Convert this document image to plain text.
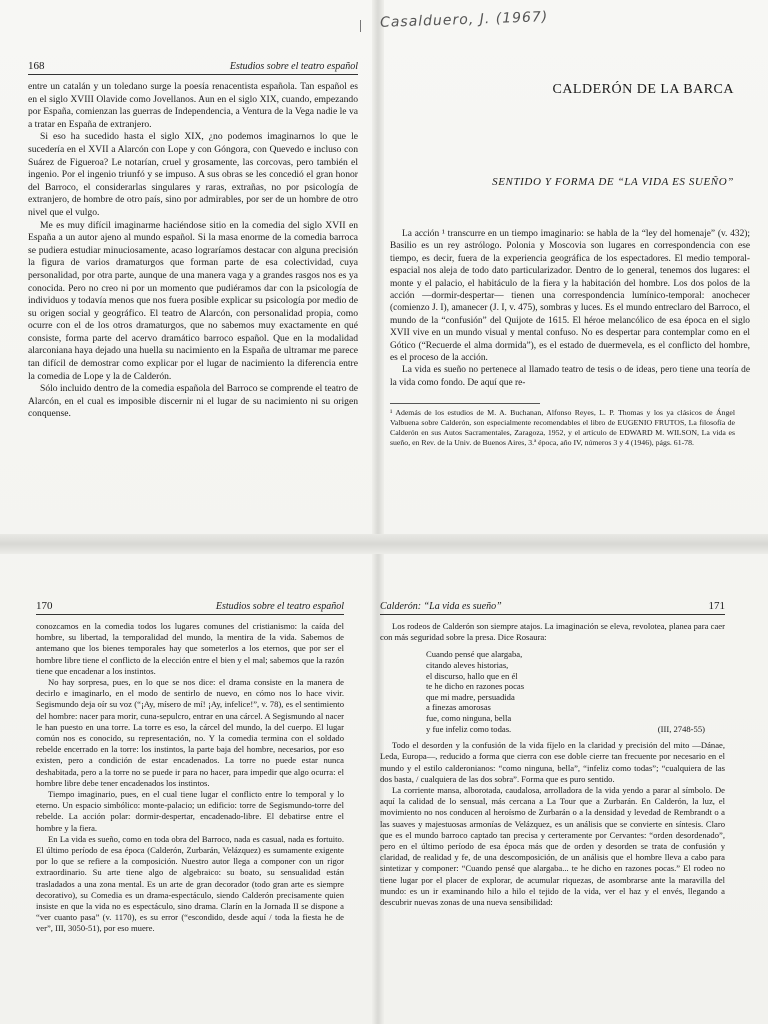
Casalduero, J. (1967)
168	Estudios sobre el teatro español

entre un catalán y un toledano surge la poesía renacentista española. Tan español es en el siglo XVIII Olavide como Jovellanos. Aun en el siglo XIX, cuando, empezando por España, comienzan las guerras de Independencia, a Ventura de la Vega nadie le va a tratar en España de extranjero.

Si eso ha sucedido hasta el siglo XIX, ¿no podemos imaginarnos lo que le sucedería en el XVII a Alarcón con Lope y con Góngora, con Quevedo e incluso con Suárez de Figueroa? Le notarían, cruel y grosamente, las corcovas, pero también el ingenio. Por el ingenio triunfó y se impuso. A sus obras se les concedió el gran honor del Barroco, el considerarlas singulares y raras, extrañas, no por psicología de extranjero, de hombre de otro país, sino por admirables, por ser de un hombre de otro nivel que el vulgo.

Me es muy difícil imaginarme haciéndose sitio en la comedia del siglo XVII en España a un autor ajeno al mundo español. Si la masa enorme de la comedia barroca se pudiera estudiar minuciosamente, acaso lograríamos destacar con alguna precisión la figura de varios dramaturgos que forman parte de esa colectividad, cuya personalidad, por otra parte, aunque de una manera vaga y a grandes rasgos nos es ya conocida. Pero no creo ni por un momento que pudiéramos dar con la psicología de individuos y todavía menos que nos fuera posible explicar su psicología por medio de su origen social y geográfico. El teatro de Alarcón, con personalidad propia, como ocurre con el de los otros dramaturgos, que no sabemos muy exactamente en qué consiste, forma parte del acervo dramático barroco español. Que en la modalidad alarconiana haya dejado una huella su nacimiento en la España de ultramar me parece tan difícil de demostrar como explicar por el lugar de nacimiento la diferencia entre la comedia de Lope y la de Calderón.

Sólo incluido dentro de la comedia española del Barroco se comprende el teatro de Alarcón, en el cual es imposible discernir ni el lugar de su nacimiento ni su origen conquense.

CALDERÓN DE LA BARCA
SENTIDO Y FORMA DE “LA VIDA ES SUEÑO”

La acción ¹ transcurre en un tiempo imaginario: se habla de la “ley del homenaje” (v. 432); Basilio es un rey astrólogo. Polonia y Moscovia son lugares en correspondencia con ese tiempo, es decir, fuera de la experiencia geográfica de los espectadores. El medio temporal-espacial nos aleja de todo dato particularizador. Dentro de lo general, tenemos dos lugares: el monte y el palacio, el habitáculo de la fiera y la habitación del hombre. Los dos polos de la acción —dormir-despertar— tienen una correspondencia lumínico-temporal: anochecer (comienzo J. I), amanecer (J. I, v. 475), sombras y luces. Es el mundo entreclaro del Barroco, el mundo de la “confusión” del Quijote de 1615. El héroe melancólico de esa época en el siglo XVII vive en un mundo visual y mental confuso. No es despertar para contemplar como en el Gótico (“Recuerde el alma dormida”), es el estado de duermevela, es el conflicto del hombre, es el proceso de la acción.

La vida es sueño no pertenece al llamado teatro de tesis o de ideas, pero tiene una teoría de la vida como fondo. De aquí que re-

¹ Además de los estudios de M. A. Buchanan, Alfonso Reyes, L. P. Thomas y los ya clásicos de Ángel Valbuena sobre Calderón, son especialmente recomendables el libro de EUGENIO FRUTOS, La filosofía de Calderón en sus Autos Sacramentales, Zaragoza, 1952, y el artículo de EDWARD M. WILSON, La vida es sueño, en Rev. de la Univ. de Buenos Aires, 3.ª época, año IV, números 3 y 4 (1946), págs. 61-78.
170	Estudios sobre el teatro español

conozcamos en la comedia todos los lugares comunes del cristianismo: la caída del hombre, su libertad, la temporalidad del mundo, la mentira de la vida. Sabemos de antemano que los bienes temporales hay que someterlos a los eternos, que por ser el hombre libre tiene el conflicto de la elección entre el bien y el mal; sabemos que la razón tiene que encadenar a los instintos.

No hay sorpresa, pues, en lo que se nos dice: el drama consiste en la manera de decirlo e imaginarlo, en el modo de sentirlo de nuevo, en cómo nos lo hace vivir. Segismundo deja oír su voz (“¡Ay, mísero de mí! ¡Ay, infelice!”, v. 78), es el sentimiento del hombre: nacer para morir, cuna-sepulcro, entrar en una cárcel. A Segismundo al nacer le han puesto en una torre. La torre es eso, la cárcel del mundo, la del cuerpo. El lugar común nos es conocido, su representación, no. Y la comedia termina con el soldado rebelde encerrado en la torre: los instintos, la parte baja del hombre, necesarios, por eso existen, pero a condición de estar encadenados. La torre no puede estar nunca deshabitada, pero a la torre no se puede ir para no hacer, para impedir que algo ocurra: el hombre libre debe tener encadenados los instintos.

Tiempo imaginario, pues, en el cual tiene lugar el conflicto entre lo temporal y lo eterno. Un espacio simbólico: monte-palacio; un edificio: torre de Segismundo-torre del rebelde. La acción polar: dormir-despertar, encadenado-libre. El debatirse entre el hombre y la fiera.

En La vida es sueño, como en toda obra del Barroco, nada es casual, nada es fortuito. El último período de esa época (Calderón, Zurbarán, Velázquez) es sumamente exigente por lo que se refiere a la composición. Nuestro autor llega a componer con un rigor extraordinario. Su arte tiene algo de algebraico: su boato, su sensualidad están trasladados a una zona mental. Es un arte de gran decorador (todo gran arte es siempre decorativo), su Comedia es un drama-espectáculo, siendo Calderón precisamente quien insiste en que la vida no es espectáculo, sino drama. Clarín en la Jornada II se dispone a “ver cuanto pasa” (v. 1170), es su error (“escondido, desde aquí / toda la fiesta he de ver”, III, 3050-51), por eso muere.

Calderón: “La vida es sueño”	171

Los rodeos de Calderón son siempre atajos. La imaginación se eleva, revolotea, planea para caer con más seguridad sobre la presa. Dice Rosaura:

Cuando pensé que alargaba,
citando aleves historias,
el discurso, hallo que en él
te he dicho en razones pocas
que mi madre, persuadida
a finezas amorosas
fue, como ninguna, bella
y fue infeliz como todas.	(III, 2748-55)

Todo el desorden y la confusión de la vida fíjelo en la claridad y precisión del mito —Dánae, Leda, Europa—, reducido a forma que cierra con ese doble cierre tan frecuente por necesario en el mundo y el estilo calderonianos: “como ninguna, bella”, “infeliz como todas”; “cualquiera de las dos basta, / cualquiera de las dos sobra”. Forma que es puro sentido.

La corriente mansa, alborotada, caudalosa, arrolladora de la vida yendo a parar al símbolo. De aquí la calidad de lo sensual, más cercana a La Tour que a Zurbarán. En Calderón, la luz, el movimiento no nos conducen al heroísmo de Zurbarán o a la densidad y levedad de Rembrandt o a las suaves y majestuosas armonías de Velázquez, es un análisis que se convierte en síntesis. Claro que es el mundo barroco captado tan precisa y certeramente por Cervantes: “orden desordenado”, pero en el último período de esa época más que de orden y desorden se trata de confusión y claridad, de realidad y fe, de una descomposición, de un análisis que el hombre lleva a cabo para sintetizar y componer: “Cuando pensé que alargaba... te he dicho en razones pocas.” El rodeo no tiene lugar por el placer de explorar, de acumular riquezas, de asombrarse ante la maravilla del mundo: es un ir examinando hilo a hilo el tejido de la vida, ver el haz y el envés, llegando a descubrir nuevas zonas de una nueva sensibilidad:
